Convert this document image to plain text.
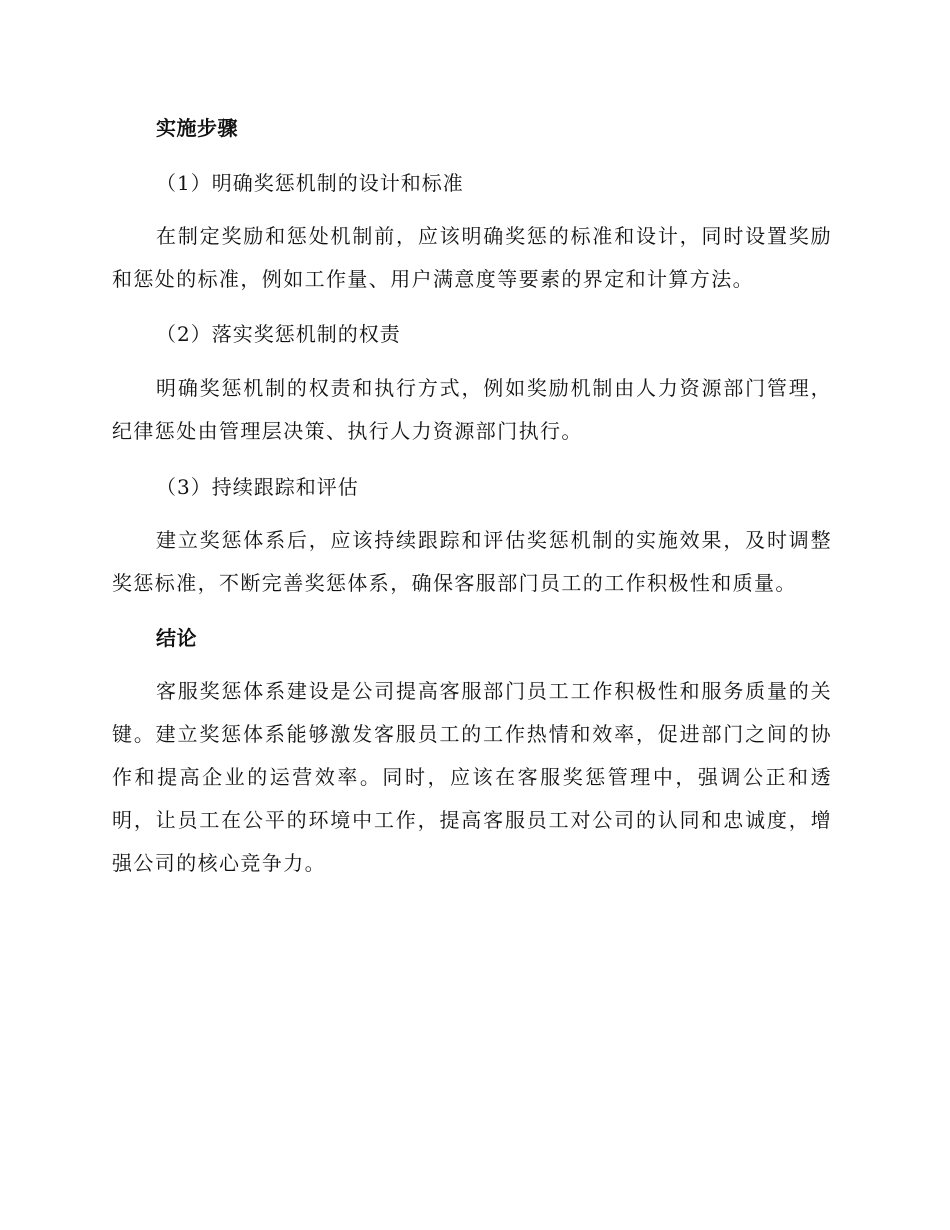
实施步骤

（1）明确奖惩机制的设计和标准

在制定奖励和惩处机制前，应该明确奖惩的标准和设计，同时设置奖励和惩处的标准，例如工作量、用户满意度等要素的界定和计算方法。

（2）落实奖惩机制的权责

明确奖惩机制的权责和执行方式，例如奖励机制由人力资源部门管理，纪律惩处由管理层决策、执行人力资源部门执行。

（3）持续跟踪和评估

建立奖惩体系后，应该持续跟踪和评估奖惩机制的实施效果，及时调整奖惩标准，不断完善奖惩体系，确保客服部门员工的工作积极性和质量。

结论

客服奖惩体系建设是公司提高客服部门员工工作积极性和服务质量的关键。建立奖惩体系能够激发客服员工的工作热情和效率，促进部门之间的协作和提高企业的运营效率。同时，应该在客服奖惩管理中，强调公正和透明，让员工在公平的环境中工作，提高客服员工对公司的认同和忠诚度，增强公司的核心竞争力。
